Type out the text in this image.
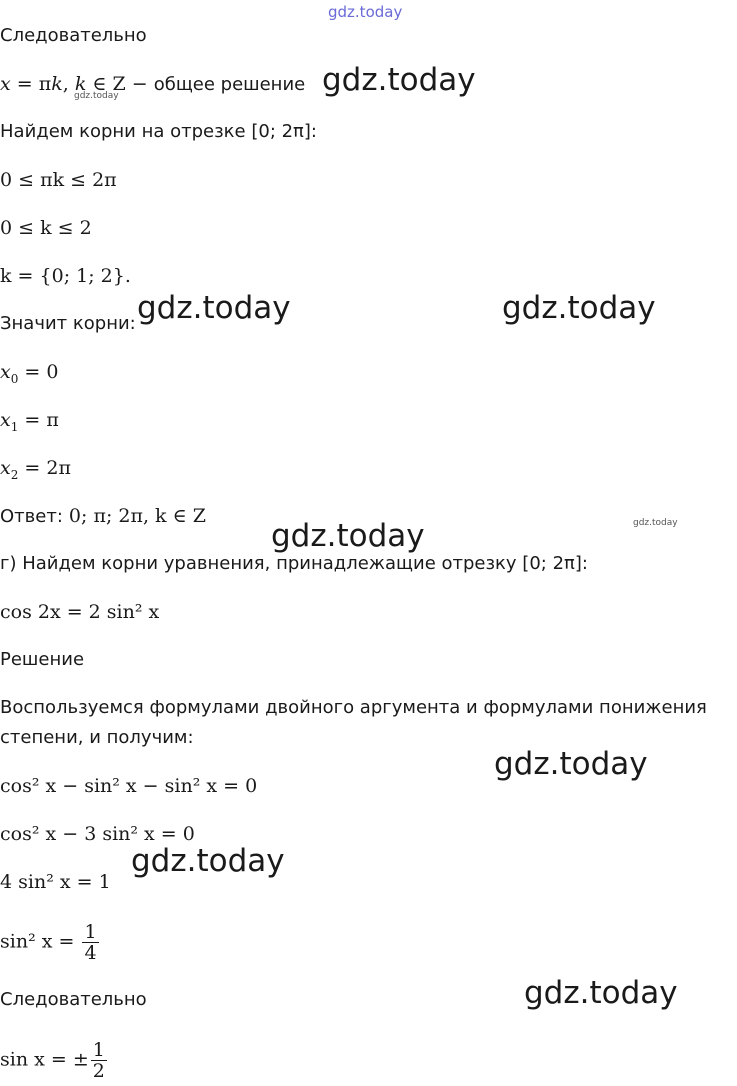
gdz.today
gdz.today
gdz.today
gdz.today	gdz.today
gdz.today
gdz.today
gdz.today
gdz.today
gdz.today
Следовательно
x = πk, k ∈ Z − общее решение
Найдем корни на отрезке [0; 2π]:
0 ≤ πk ≤ 2π
0 ≤ k ≤ 2
k = {0; 1; 2}.
Значит корни:
$x_0 = 0$
$x_1 = \pi$
$x_2 = 2\pi$
Ответ: 0; π; 2π, k ∈ Z
г) Найдем корни уравнения, принадлежащие отрезку [0; 2π]:
cos 2x = 2 sin² x
Решение
Воспользуемся формулами двойного аргумента и формулами понижения
степени, и получим:
cos² x − sin² x − sin² x = 0
cos² x − 3 sin² x = 0
4 sin² x = 1
sin² $x = \frac{1}{4}$
Следовательно
sin x = ± $\frac{1}{2}$
